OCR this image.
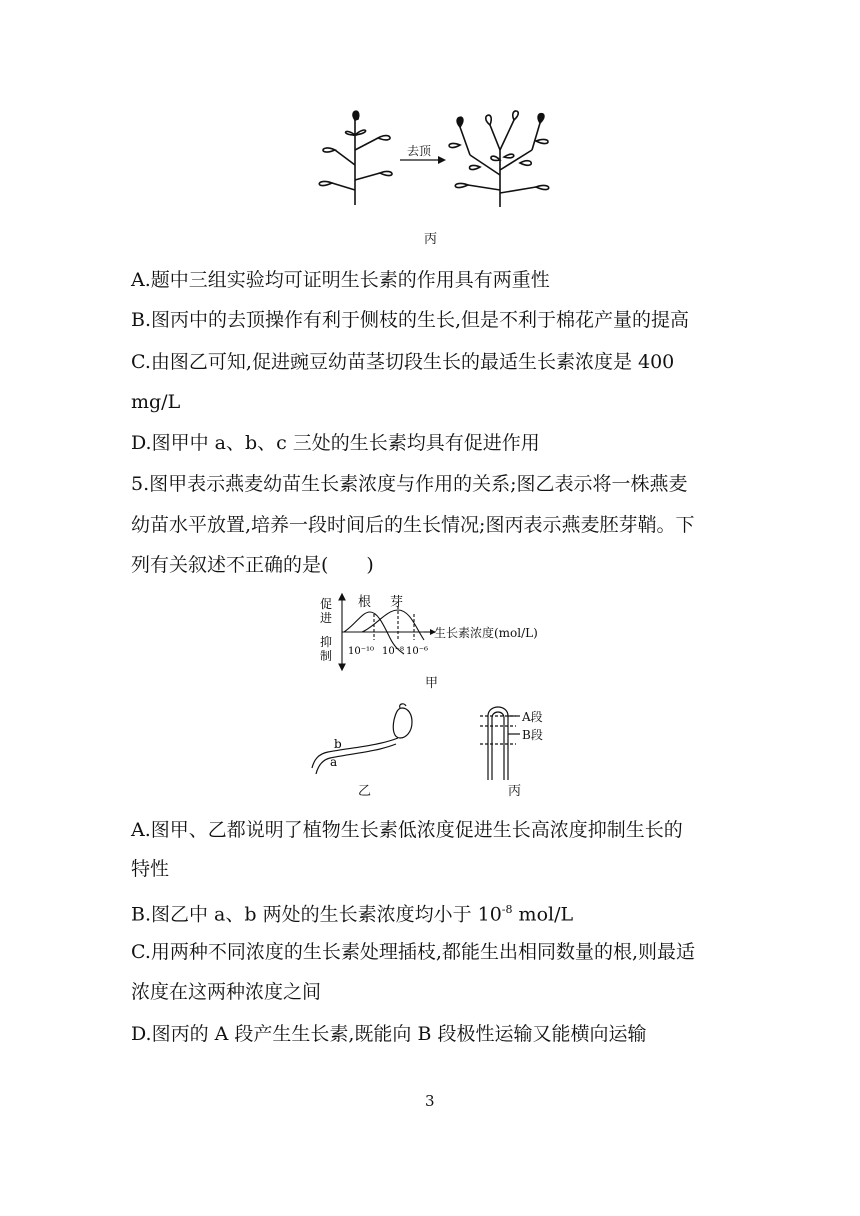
去顶
丙
A.题中三组实验均可证明生长素的作用具有两重性
B.图丙中的去顶操作有利于侧枝的生长,但是不利于棉花产量的提高
C.由图乙可知,促进豌豆幼苗茎切段生长的最适生长素浓度是 400
mg/L
D.图甲中 a、b、c 三处的生长素均具有促进作用
5.图甲表示燕麦幼苗生长素浓度与作用的关系;图乙表示将一株燕麦
幼苗水平放置,培养一段时间后的生长情况;图丙表示燕麦胚芽鞘。下
列有关叙述不正确的是(　　)
根 芽
促
进
抑
制 10⁻¹⁰ 10⁻⁸ 10⁻⁶
生长素浓度(mol/L)
甲
b
a
乙
A段
B段
丙
A.图甲、乙都说明了植物生长素低浓度促进生长高浓度抑制生长的
特性
B.图乙中 a、b 两处的生长素浓度均小于 $10^{-8}$ mol/L
C.用两种不同浓度的生长素处理插枝,都能生出相同数量的根,则最适
浓度在这两种浓度之间
D.图丙的 A 段产生生长素,既能向 B 段极性运输又能横向运输
3
